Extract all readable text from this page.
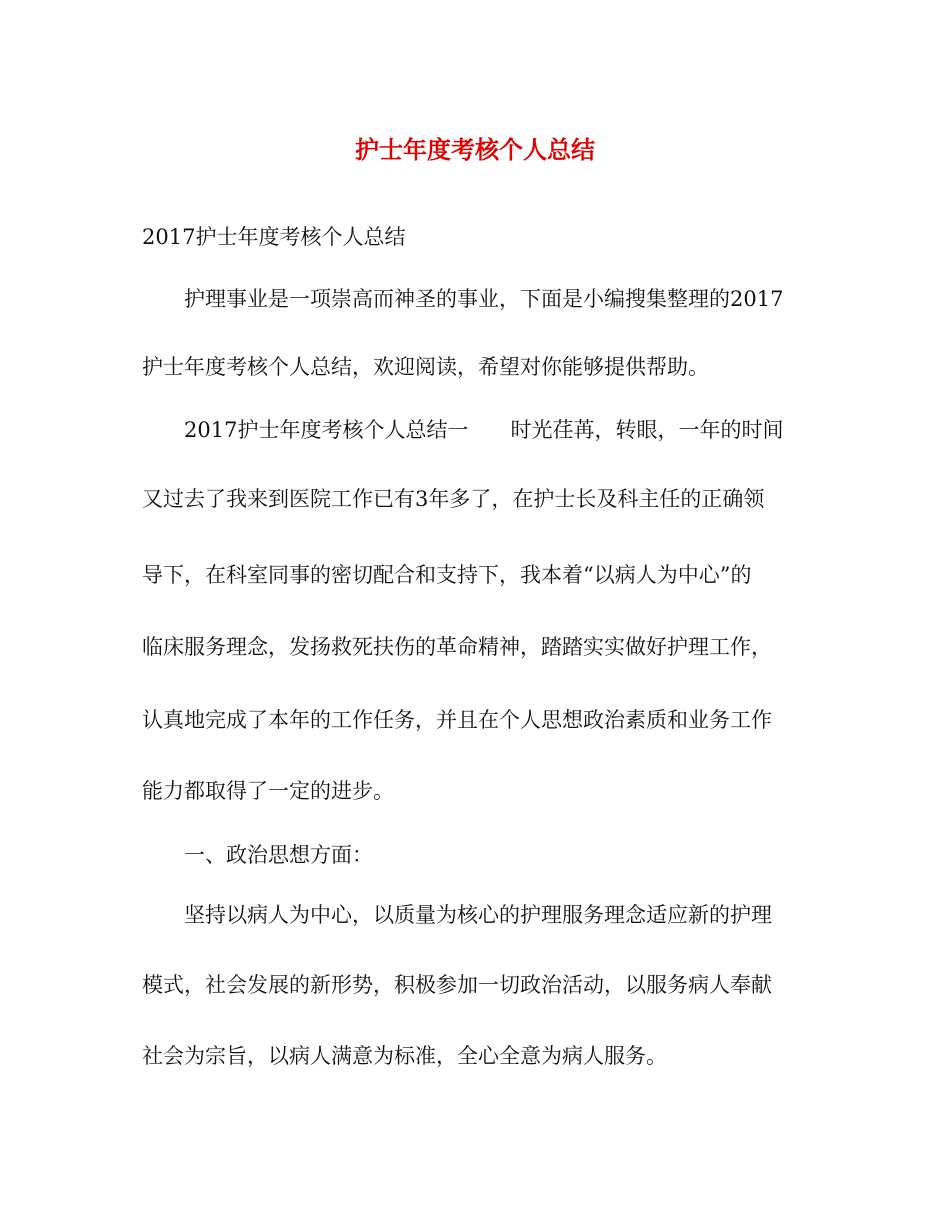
护士年度考核个人总结
2017护士年度考核个人总结
护理事业是一项崇高而神圣的事业，下面是小编搜集整理的2017
护士年度考核个人总结，欢迎阅读，希望对你能够提供帮助。
2017护士年度考核个人总结一　　时光荏苒，转眼，一年的时间
又过去了我来到医院工作已有3年多了，在护士长及科主任的正确领
导下，在科室同事的密切配合和支持下，我本着“以病人为中心”的
临床服务理念，发扬救死扶伤的革命精神，踏踏实实做好护理工作，
认真地完成了本年的工作任务，并且在个人思想政治素质和业务工作
能力都取得了一定的进步。
一、政治思想方面：
坚持以病人为中心，以质量为核心的护理服务理念适应新的护理
模式，社会发展的新形势，积极参加一切政治活动，以服务病人奉献
社会为宗旨，以病人满意为标准，全心全意为病人服务。
